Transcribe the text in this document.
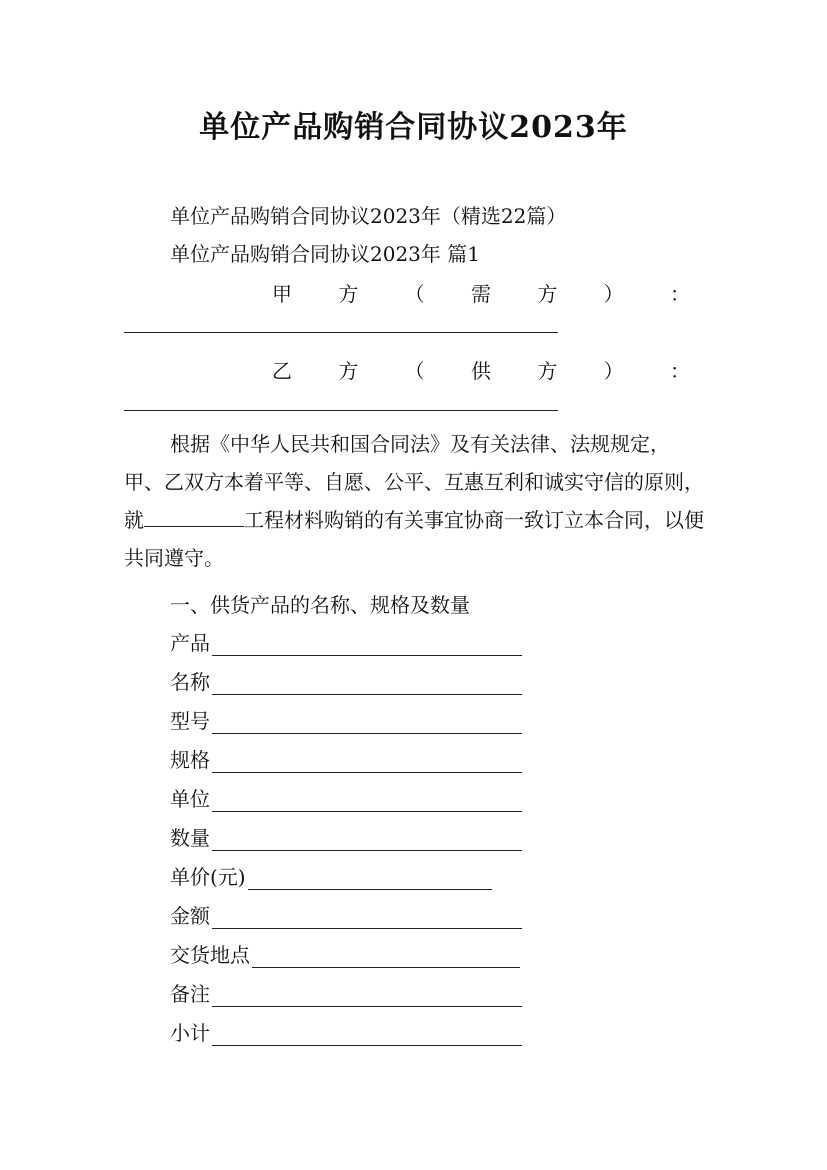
单位产品购销合同协议2023年
单位产品购销合同协议2023年（精选22篇）
单位产品购销合同协议2023年 篇1
甲 方 （ 需 方 ） ：
乙 方 （ 供 方 ） ：
根据《中华人民共和国合同法》及有关法律、法规规定，甲、乙双方本着平等、自愿、公平、互惠互利和诚实守信的原则，就	工程材料购销的有关事宜协商一致订立本合同，以便共同遵守。
一、供货产品的名称、规格及数量
产品
名称
型号
规格
单位
数量
单价(元)
金额
交货地点
备注
小计
